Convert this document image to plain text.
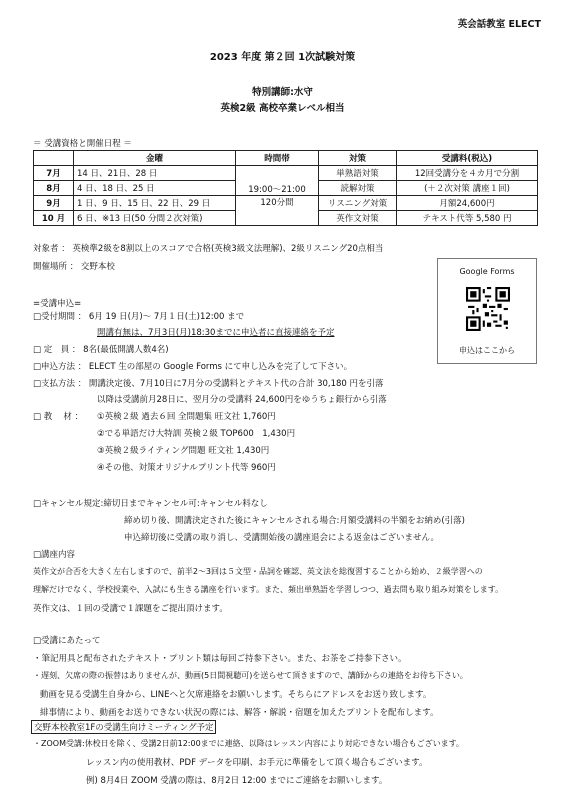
英会話教室 ELECT
2023 年度 第２回 1次試験対策
特別講師:水守
英検2級 高校卒業レベル相当
＝ 受講資格と開催日程 ＝
	金曜	時間帯	対策	受講料(税込)
7月	14 日、21日、28 日	19:00～21:00	単熟語対策	12回受講分を４カ月で分割
8月	4 日、18 日、25 日		読解対策	(＋２次対策 講座１回)
9月	1 日、9 日、15 日、22 日、29 日	120分間	リスニング対策	月額24,600円
10 月	6 日、※13 日(50 分間２次対策)		英作文対策	テキスト代等 5,580 円
対象者 ： 英検準2級を8割以上のスコアで合格(英検3級文法理解)、2級リスニング20点相当
開催場所 ： 交野本校	Google Forms
申込はここから
=受講申込=
□受付期間 ： 6月 19 日(月)～ 7月１日(土)12:00 まで
開講有無は、7月3日(月)18:30までに申込者に直接連絡を予定
□ 定　員 ： 8名(最低開講人数4名)
□申込方法 ： ELECT 生の部屋の Google Forms にて申し込みを完了して下さい。
□支払方法 ： 開講決定後、7月10日に7月分の受講料とテキスト代の合計 30,180 円を引落
以降は受講前月28日に、翌月分の受講料 24,600円をゆうちょ銀行から引落
□ 教　 材 ： ①英検２級 過去６回 全問題集 旺文社 1,760円
②でる単語だけ大特訓 英検２級 TOP600　1,430円
③英検２級ライティング問題 旺文社 1,430円
④その他、対策オリジナルプリント代等 960円
□キャンセル規定:締切日までキャンセル可:キャンセル料なし
締め切り後、開講決定された後にキャンセルされる場合:月額受講料の半額をお納め(引落)
申込締切後に受講の取り消し、受講開始後の講座退会による返金はございません。
□講座内容
英作文が合否を大きく左右しますので、前半2～3回は５文型・品詞を確認、英文法を総復習することから始め、２級学習への
理解だけでなく、学校授業や、入試にも生きる講座を行います。また、頻出単熟語を学習しつつ、過去問も取り組み対策をします。
英作文は、１回の受講で１課題をご提出頂けます。
□受講にあたって
・筆記用具と配布されたテキスト・プリント類は毎回ご持参下さい。また、お茶をご持参下さい。
・遅刻、欠席の際の振替はありませんが、動画(5日間視聴可)を送らせて頂きますので、講師からの連絡をお待ち下さい。
動画を見る受講生自身から、LINEへと欠席連絡をお願いします。そちらにアドレスをお送り致します。
緋事情により、動画をお送りできない状況の際には、解答・解説・宿題を加えたプリントを配布します。
交野本校教室1Fの受講生向けミーティング予定
・ZOOM受講:休校日を除く、受講2日前12:00までに連絡、以降はレッスン内容により対応できない場合もございます。
レッスン内の使用教材、PDF データを印刷、お手元に準備をして頂く場合もございます。
例) 8月4日 ZOOM 受講の際は、8月2日 12:00 までにご連絡をお願いします。
